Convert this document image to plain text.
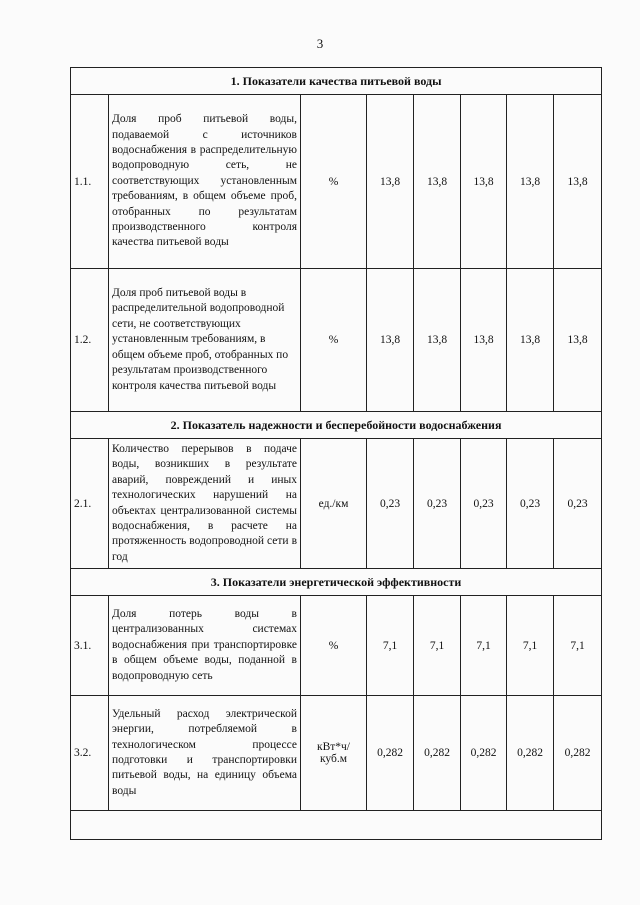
3
1. Показатели качества питьевой воды							
1.1.	Доля проб питьевой воды, подаваемой с источников водоснабжения в распределительную водопроводную сеть, не соответствующих установленным требованиям, в общем объеме проб, отобранных по результатам производственного контроля качества питьевой воды	%	13,8	13,8	13,8	13,8	13,8
1.2.	Доля проб питьевой воды в распределительной водопроводной сети, не соответствующих установленным требованиям, в общем объеме проб, отобранных по результатам производственного контроля качества питьевой воды	%	13,8	13,8	13,8	13,8	13,8
2. Показатель надежности и бесперебойности водоснабжения							
2.1.	Количество перерывов в подаче воды, возникших в результате аварий, повреждений и иных технологических нарушений на объектах централизованной системы водоснабжения, в расчете на протяженность водопроводной сети в год	ед./км	0,23	0,23	0,23	0,23	0,23
3. Показатели энергетической эффективности							
3.1.	Доля потерь воды в централизованных системах водоснабжения при транспортировке в общем объеме воды, поданной в водопроводную сеть	%	7,1	7,1	7,1	7,1	7,1
3.2.	Удельный расход электрической энергии, потребляемой в технологическом процессе подготовки и транспортировки питьевой воды, на единицу объема воды	кВт*ч/ куб.м	0,282	0,282	0,282	0,282	0,282
